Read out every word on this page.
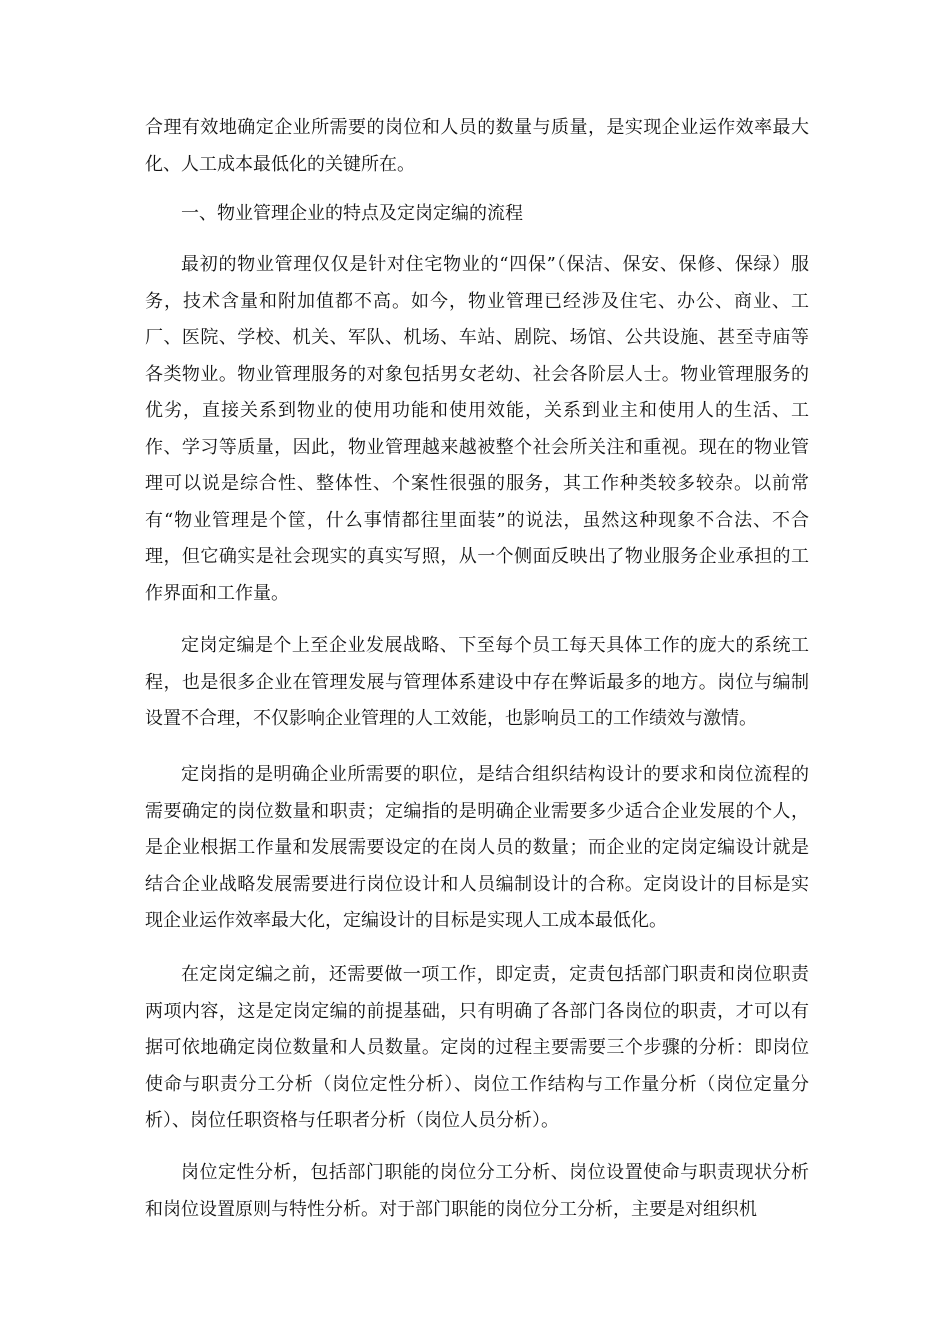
合理有效地确定企业所需要的岗位和人员的数量与质量，是实现企业运作效率最大化、人工成本最低化的关键所在。

一、物业管理企业的特点及定岗定编的流程

最初的物业管理仅仅是针对住宅物业的“四保”（保洁、保安、保修、保绿）服务，技术含量和附加值都不高。如今，物业管理已经涉及住宅、办公、商业、工厂、医院、学校、机关、军队、机场、车站、剧院、场馆、公共设施、甚至寺庙等各类物业。物业管理服务的对象包括男女老幼、社会各阶层人士。物业管理服务的优劣，直接关系到物业的使用功能和使用效能，关系到业主和使用人的生活、工作、学习等质量，因此，物业管理越来越被整个社会所关注和重视。现在的物业管理可以说是综合性、整体性、个案性很强的服务，其工作种类较多较杂。以前常有“物业管理是个筐，什么事情都往里面装”的说法，虽然这种现象不合法、不合理，但它确实是社会现实的真实写照，从一个侧面反映出了物业服务企业承担的工作界面和工作量。

定岗定编是个上至企业发展战略、下至每个员工每天具体工作的庞大的系统工程，也是很多企业在管理发展与管理体系建设中存在弊诟最多的地方。岗位与编制设置不合理，不仅影响企业管理的人工效能，也影响员工的工作绩效与激情。

定岗指的是明确企业所需要的职位，是结合组织结构设计的要求和岗位流程的需要确定的岗位数量和职责；定编指的是明确企业需要多少适合企业发展的个人，是企业根据工作量和发展需要设定的在岗人员的数量；而企业的定岗定编设计就是结合企业战略发展需要进行岗位设计和人员编制设计的合称。定岗设计的目标是实现企业运作效率最大化，定编设计的目标是实现人工成本最低化。

在定岗定编之前，还需要做一项工作，即定责，定责包括部门职责和岗位职责两项内容，这是定岗定编的前提基础，只有明确了各部门各岗位的职责，才可以有据可依地确定岗位数量和人员数量。定岗的过程主要需要三个步骤的分析：即岗位使命与职责分工分析（岗位定性分析）、岗位工作结构与工作量分析（岗位定量分析）、岗位任职资格与任职者分析（岗位人员分析）。

岗位定性分析，包括部门职能的岗位分工分析、岗位设置使命与职责现状分析和岗位设置原则与特性分析。对于部门职能的岗位分工分析，主要是对组织机
